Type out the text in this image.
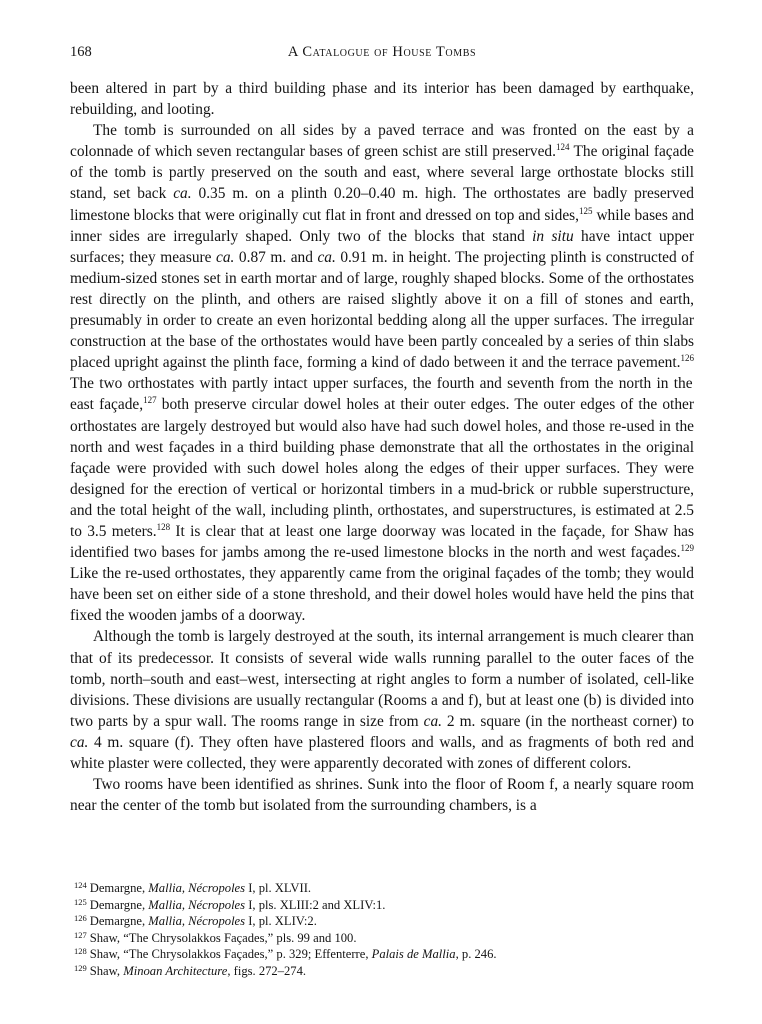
168	A Catalogue of House Tombs

been altered in part by a third building phase and its interior has been damaged by earthquake, rebuilding, and looting.

The tomb is surrounded on all sides by a paved terrace and was fronted on the east by a colonnade of which seven rectangular bases of green schist are still preserved.$^{124}$ The original façade of the tomb is partly preserved on the south and east, where several large orthostate blocks still stand, set back ca. 0.35 m. on a plinth 0.20–0.40 m. high. The orthostates are badly preserved limestone blocks that were originally cut flat in front and dressed on top and sides,$^{125}$ while bases and inner sides are irregularly shaped. Only two of the blocks that stand in situ have intact upper surfaces; they measure ca. 0.87 m. and ca. 0.91 m. in height. The projecting plinth is constructed of medium-sized stones set in earth mortar and of large, roughly shaped blocks. Some of the orthostates rest directly on the plinth, and others are raised slightly above it on a fill of stones and earth, presumably in order to create an even horizontal bedding along all the upper surfaces. The irregular construction at the base of the orthostates would have been partly concealed by a series of thin slabs placed upright against the plinth face, forming a kind of dado between it and the terrace pavement.$^{126}$ The two orthostates with partly intact upper surfaces, the fourth and seventh from the north in the east façade,$^{127}$ both preserve circular dowel holes at their outer edges. The outer edges of the other orthostates are largely destroyed but would also have had such dowel holes, and those re-used in the north and west façades in a third building phase demonstrate that all the orthostates in the original façade were provided with such dowel holes along the edges of their upper surfaces. They were designed for the erection of vertical or horizontal timbers in a mud-brick or rubble superstructure, and the total height of the wall, including plinth, orthostates, and superstructures, is estimated at 2.5 to 3.5 meters.$^{128}$ It is clear that at least one large doorway was located in the façade, for Shaw has identified two bases for jambs among the re-used limestone blocks in the north and west façades.$^{129}$ Like the re-used orthostates, they apparently came from the original façades of the tomb; they would have been set on either side of a stone threshold, and their dowel holes would have held the pins that fixed the wooden jambs of a doorway.

Although the tomb is largely destroyed at the south, its internal arrangement is much clearer than that of its predecessor. It consists of several wide walls running parallel to the outer faces of the tomb, north–south and east–west, intersecting at right angles to form a number of isolated, cell-like divisions. These divisions are usually rectangular (Rooms a and f), but at least one (b) is divided into two parts by a spur wall. The rooms range in size from ca. 2 m. square (in the northeast corner) to ca. 4 m. square (f). They often have plastered floors and walls, and as fragments of both red and white plaster were collected, they were apparently decorated with zones of different colors.

Two rooms have been identified as shrines. Sunk into the floor of Room f, a nearly square room near the center of the tomb but isolated from the surrounding chambers, is a

$^{124}$ Demargne, Mallia, Nécropoles I, pl. XLVII.
$^{125}$ Demargne, Mallia, Nécropoles I, pls. XLIII:2 and XLIV:1.
$^{126}$ Demargne, Mallia, Nécropoles I, pl. XLIV:2.
$^{127}$ Shaw, “The Chrysolakkos Façades,” pls. 99 and 100.
$^{128}$ Shaw, “The Chrysolakkos Façades,” p. 329; Effenterre, Palais de Mallia, p. 246.
$^{129}$ Shaw, Minoan Architecture, figs. 272–274.
